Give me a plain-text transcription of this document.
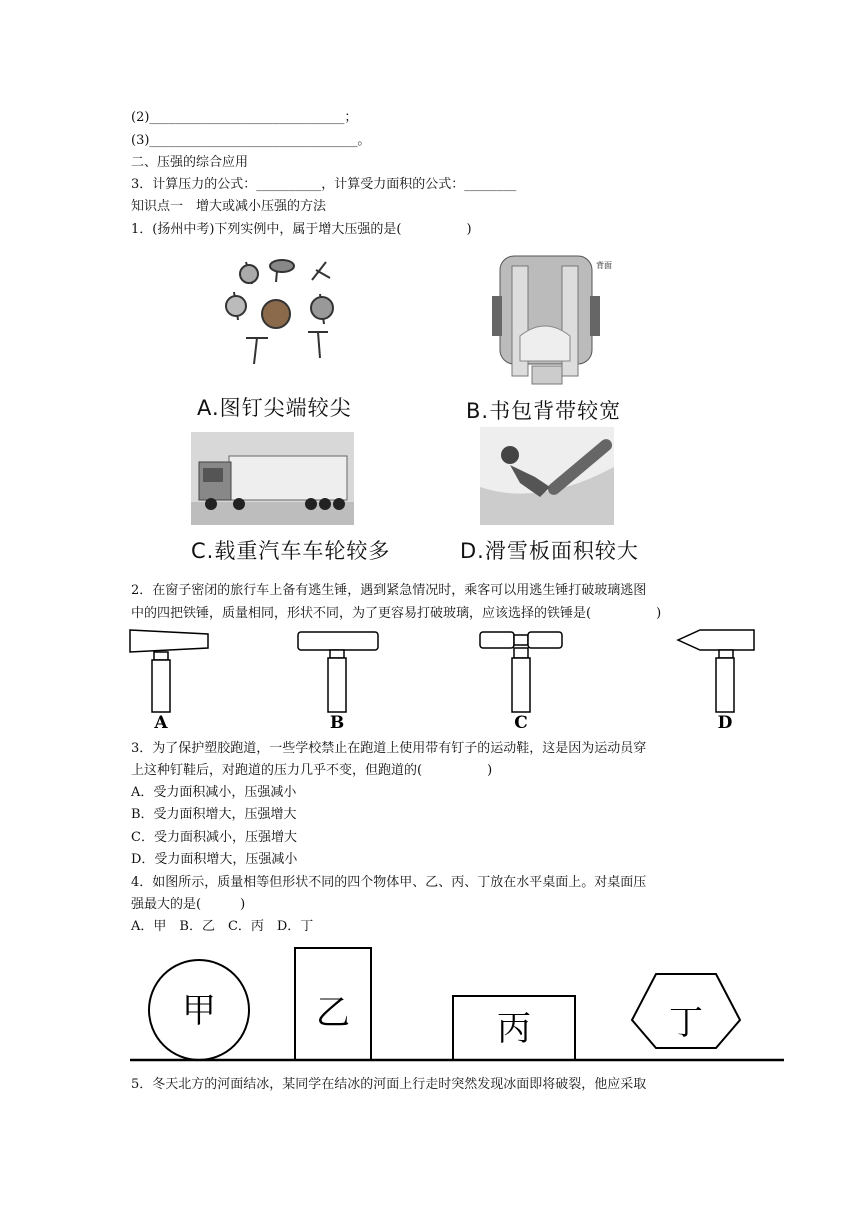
(2)______________________________；
(3)________________________________。
二、压强的综合应用
3．计算压力的公式：__________，计算受力面积的公式：________
知识点一　增大或减小压强的方法
1．(扬州中考)下列实例中，属于增大压强的是(　　　　　)
A.图钉尖端较尖
背面
B.书包背带较宽
C.载重汽车车轮较多	D.滑雪板面积较大
2．在窗子密闭的旅行车上备有逃生锤，遇到紧急情况时，乘客可以用逃生锤打破玻璃逃图
中的四把铁锤，质量相同，形状不同，为了更容易打破玻璃，应该选择的铁锤是(　　　　　)
A	B	C	D
3．为了保护塑胶跑道，一些学校禁止在跑道上使用带有钉子的运动鞋，这是因为运动员穿
上这种钉鞋后，对跑道的压力几乎不变，但跑道的(　　　　　)
A．受力面积减小，压强减小
B．受力面积增大，压强增大
C．受力面积减小，压强增大
D．受力面积增大，压强减小
4．如图所示，质量相等但形状不同的四个物体甲、乙、丙、丁放在水平桌面上。对桌面压
强最大的是(　　　)
A．甲　B．乙　C．丙　D．丁
甲	乙	丙	丁
5．冬天北方的河面结冰，某同学在结冰的河面上行走时突然发现冰面即将破裂，他应采取
